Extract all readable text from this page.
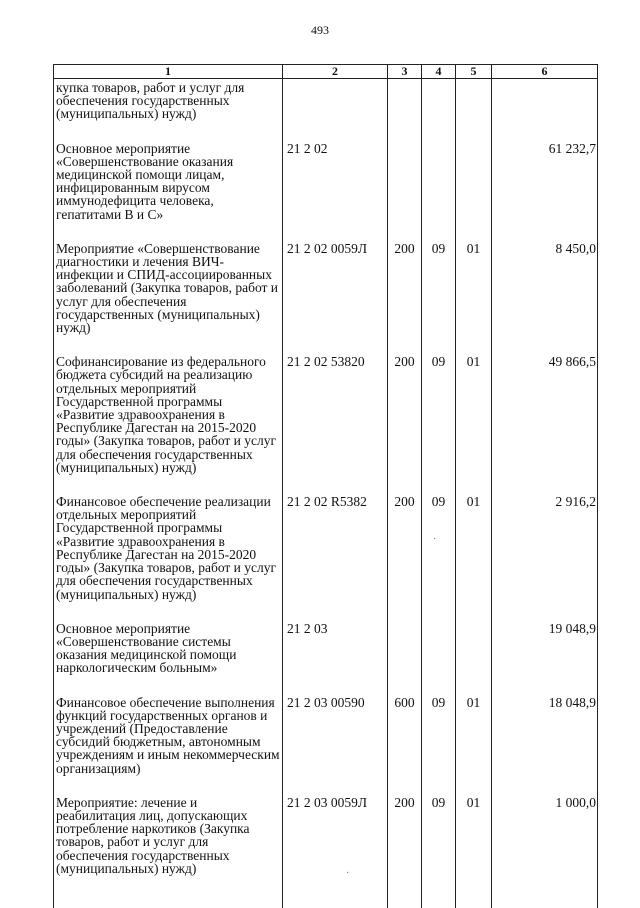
493
1	2	3	4	5	6
купка товаров, работ и услуг для обеспечения государственных (муниципальных) нужд)					
Основное мероприятие «Совершенствование оказания медицинской помощи лицам, инфицированным вирусом иммунодефицита человека, гепатитами В и С»	21 2 02				61 232,7
Мероприятие «Совершенствование диагностики и лечения ВИЧ-инфекции и СПИД-ассоциированных заболеваний (Закупка товаров, работ и услуг для обеспечения государственных (муниципальных) нужд)	21 2 02 0059Л	200	09	01	8 450,0
Софинансирование из федерального бюджета субсидий на реализацию отдельных мероприятий Государственной программы «Развитие здравоохранения в Республике Дагестан на 2015-2020 годы» (Закупка товаров, работ и услуг для обеспечения государственных (муниципальных) нужд)	21 2 02 53820	200	09	01	49 866,5
Финансовое обеспечение реализации отдельных мероприятий Государственной программы «Развитие здравоохранения в Республике Дагестан на 2015-2020 годы» (Закупка товаров, работ и услуг для обеспечения государственных (муниципальных) нужд)	21 2 02 R5382	200	09	01	2 916,2
Основное мероприятие «Совершенствование системы оказания медицинской помощи наркологическим больным»	21 2 03				19 048,9
Финансовое обеспечение выполнения функций государственных органов и учреждений (Предоставление субсидий бюджетным, автономным учреждениям и иным некоммерческим организациям)	21 2 03 00590	600	09	01	18 048,9
Мероприятие: лечение и реабилитация лиц, допускающих потребление наркотиков (Закупка товаров, работ и услуг для обеспечения государственных (муниципальных) нужд)	21 2 03 0059Л	200	09	01	1 000,0
·
·
